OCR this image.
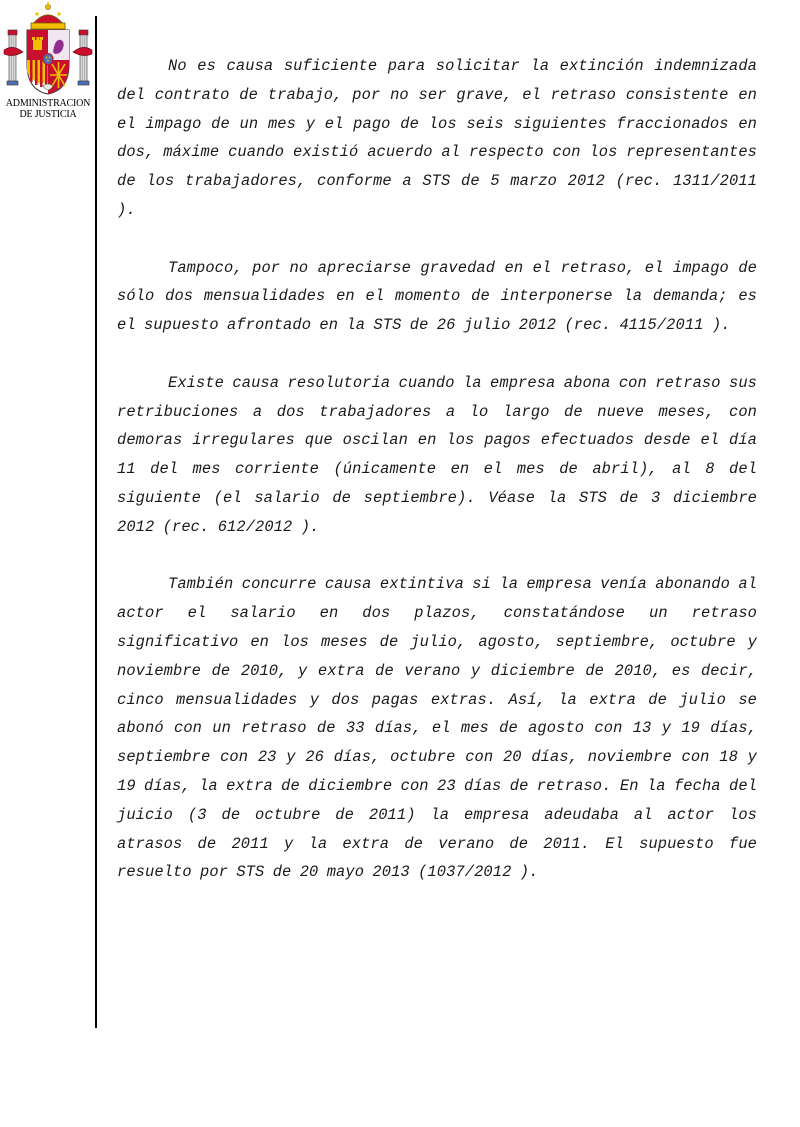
ADMINISTRACION
DE JUSTICIA

No es causa suficiente para solicitar la extinción indemnizada del contrato de trabajo, por no ser grave, el retraso consistente en el impago de un mes y el pago de los seis siguientes fraccionados en dos, máxime cuando existió acuerdo al respecto con los representantes de los trabajadores, conforme a STS de 5 marzo 2012 (rec. 1311/2011 ).

Tampoco, por no apreciarse gravedad en el retraso, el impago de sólo dos mensualidades en el momento de interponerse la demanda; es el supuesto afrontado en la STS de 26 julio 2012 (rec. 4115/2011 ).

Existe causa resolutoria cuando la empresa abona con retraso sus retribuciones a dos trabajadores a lo largo de nueve meses, con demoras irregulares que oscilan en los pagos efectuados desde el día 11 del mes corriente (únicamente en el mes de abril), al 8 del siguiente (el salario de septiembre). Véase la STS de 3 diciembre 2012 (rec. 612/2012 ).

También concurre causa extintiva si la empresa venía abonando al actor el salario en dos plazos, constatándose un retraso significativo en los meses de julio, agosto, septiembre, octubre y noviembre de 2010, y extra de verano y diciembre de 2010, es decir, cinco mensualidades y dos pagas extras. Así, la extra de julio se abonó con un retraso de 33 días, el mes de agosto con 13 y 19 días, septiembre con 23 y 26 días, octubre con 20 días, noviembre con 18 y 19 días, la extra de diciembre con 23 días de retraso. En la fecha del juicio (3 de octubre de 2011) la empresa adeudaba al actor los atrasos de 2011 y la extra de verano de 2011. El supuesto fue resuelto por STS de 20 mayo 2013 (1037/2012 ).
